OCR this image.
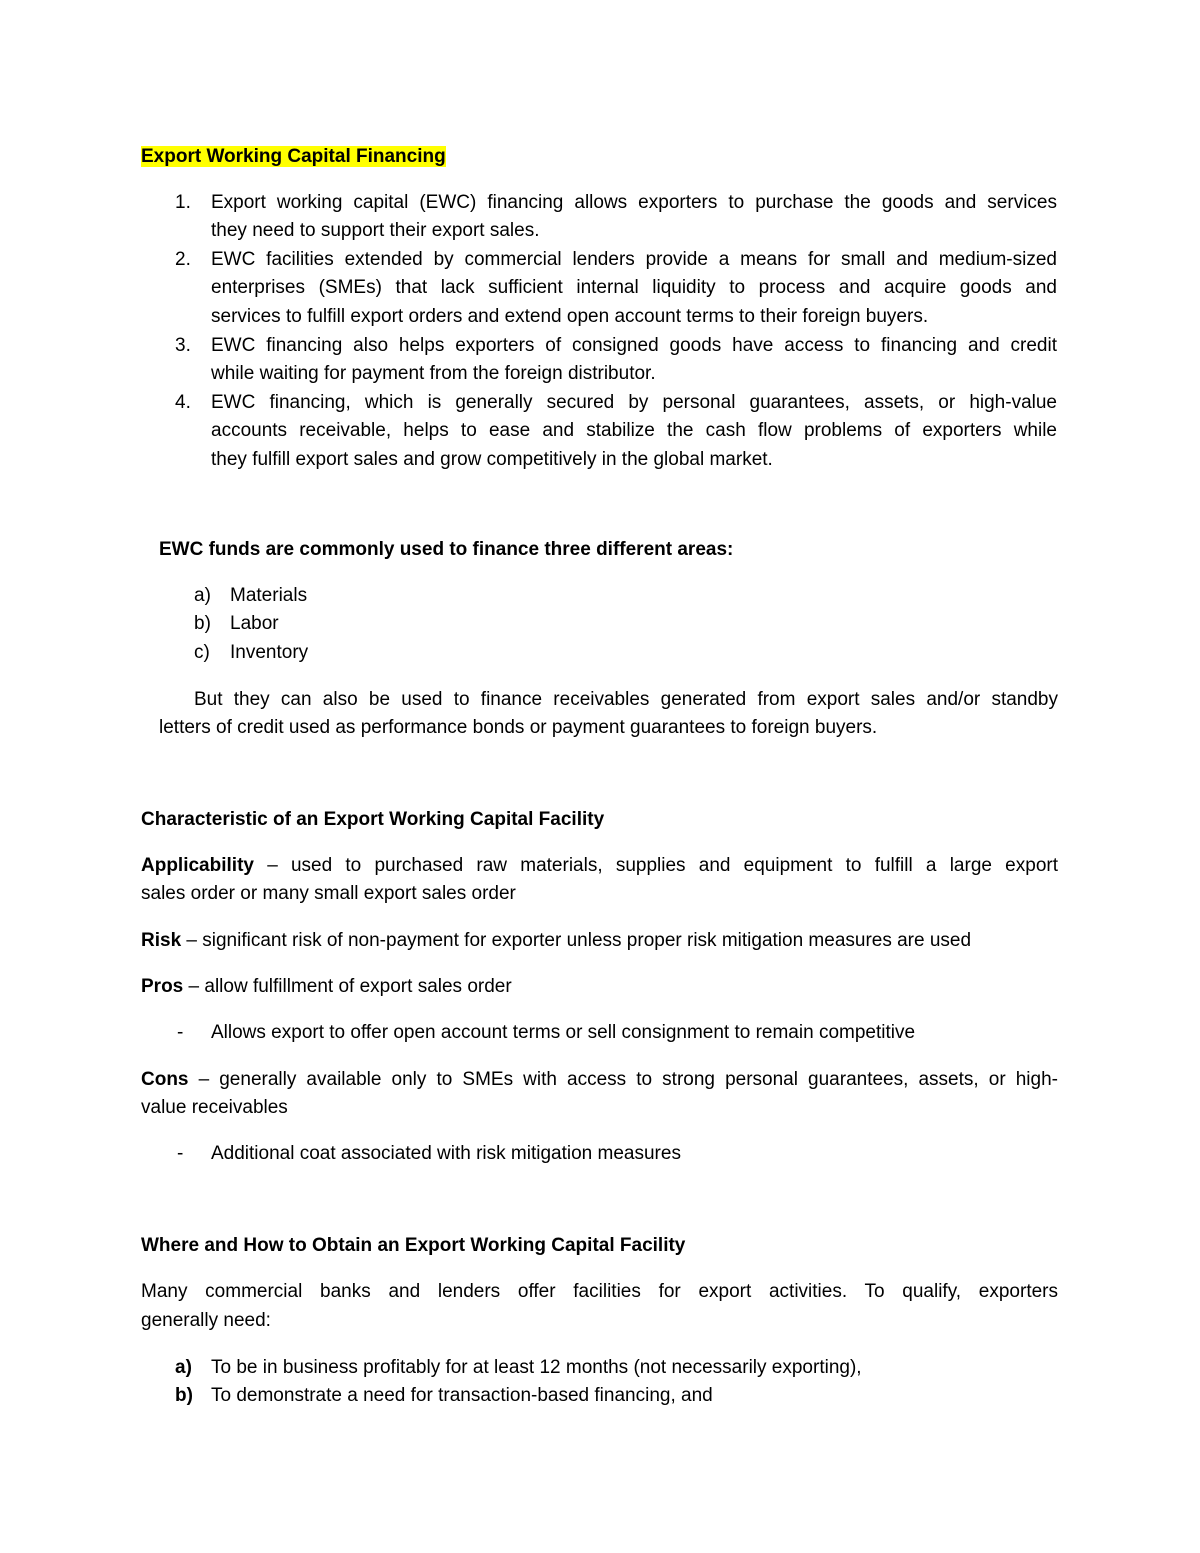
Export Working Capital Financing
1. Export working capital (EWC) financing allows exporters to purchase the goods and services
they need to support their export sales.
2. EWC facilities extended by commercial lenders provide a means for small and medium-sized
enterprises (SMEs) that lack sufficient internal liquidity to process and acquire goods and
services to fulfill export orders and extend open account terms to their foreign buyers.
3. EWC financing also helps exporters of consigned goods have access to financing and credit
while waiting for payment from the foreign distributor.
4. EWC financing, which is generally secured by personal guarantees, assets, or high-value
accounts receivable, helps to ease and stabilize the cash flow problems of exporters while
they fulfill export sales and grow competitively in the global market.
EWC funds are commonly used to finance three different areas:
a) Materials
b) Labor
c) Inventory
But they can also be used to finance receivables generated from export sales and/or standby
letters of credit used as performance bonds or payment guarantees to foreign buyers.
Characteristic of an Export Working Capital Facility
Applicability – used to purchased raw materials, supplies and equipment to fulfill a large export
sales order or many small export sales order
Risk – significant risk of non-payment for exporter unless proper risk mitigation measures are used
Pros – allow fulfillment of export sales order
- Allows export to offer open account terms or sell consignment to remain competitive
Cons – generally available only to SMEs with access to strong personal guarantees, assets, or high-
value receivables
- Additional coat associated with risk mitigation measures
Where and How to Obtain an Export Working Capital Facility
Many commercial banks and lenders offer facilities for export activities. To qualify, exporters
generally need:
a) To be in business profitably for at least 12 months (not necessarily exporting),
b) To demonstrate a need for transaction-based financing, and
